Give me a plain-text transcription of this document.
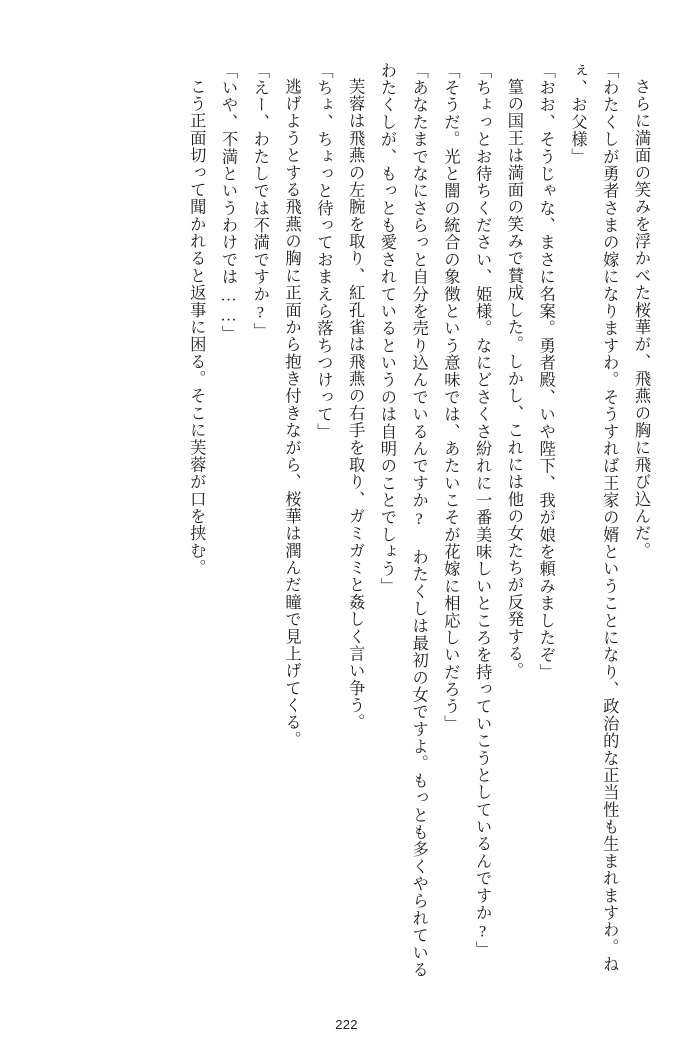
さらに満面の笑みを浮かべた桜華が、飛燕の胸に飛び込んだ。

「わたくしが勇者さまの嫁になりますわ。そうすれば王家の婿ということになり、政治的な正当性も生まれますわ。ねぇ、お父様」

「おお、そうじゃな、まさに名案。勇者殿、いや陛下、我が娘を頼みましたぞ」

篁の国王は満面の笑みで賛成した。しかし、これには他の女たちが反発する。

「ちょっとお待ちください、姫様。なにどさくさ紛れに一番美味しいところを持っていこうとしているんですか?」

「そうだ。光と闇の統合の象徴という意味では、あたいこそが花嫁に相応しいだろう」

「あなたまでなにさらっと自分を売り込んでいるんですか? わたくしは最初の女ですよ。もっとも多くやられているわたくしが、もっとも愛されているというのは自明のことでしょう」

芙蓉は飛燕の左腕を取り、紅孔雀は飛燕の右手を取り、ガミガミと姦しく言い争う。

「ちょ、ちょっと待っておまえら落ちつけって」

逃げようとする飛燕の胸に正面から抱き付きながら、桜華は潤んだ瞳で見上げてくる。

「えー、わたしでは不満ですか?」

「いや、不満というわけでは……」

こう正面切って聞かれると返事に困る。そこに芙蓉が口を挟む。

222
